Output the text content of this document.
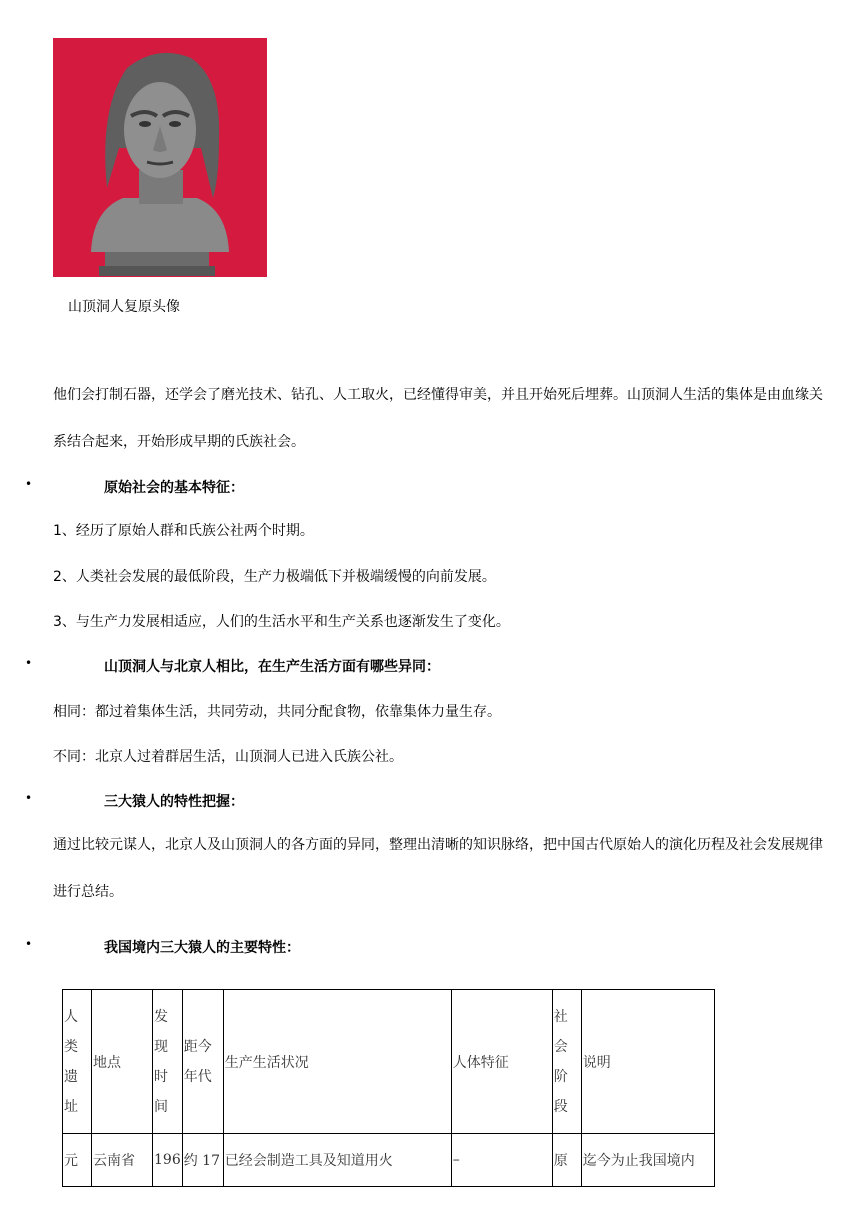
山顶洞人复原头像
他们会打制石器，还学会了磨光技术、钻孔、人工取火，已经懂得审美，并且开始死后埋葬。山顶洞人生活的集体是由血缘关系结合起来，开始形成早期的氏族社会。
•	原始社会的基本特征：
1、经历了原始人群和氏族公社两个时期。
2、人类社会发展的最低阶段，生产力极端低下并极端缓慢的向前发展。
3、与生产力发展相适应，人们的生活水平和生产关系也逐渐发生了变化。
•	山顶洞人与北京人相比，在生产生活方面有哪些异同：
相同：都过着集体生活，共同劳动，共同分配食物，依靠集体力量生存。
不同：北京人过着群居生活，山顶洞人已进入氏族公社。
•	三大猿人的特性把握：
通过比较元谋人，北京人及山顶洞人的各方面的异同，整理出清晰的知识脉络，把中国古代原始人的演化历程及社会发展规律进行总结。
•	我国境内三大猿人的主要特性：
人类遗址	地点	发现时间	距今年代	生产生活状况	人体特征	社会阶段	说明
元	云南省	196	约 17	已经会制造工具及知道用火	–	原	迄今为止我国境内
